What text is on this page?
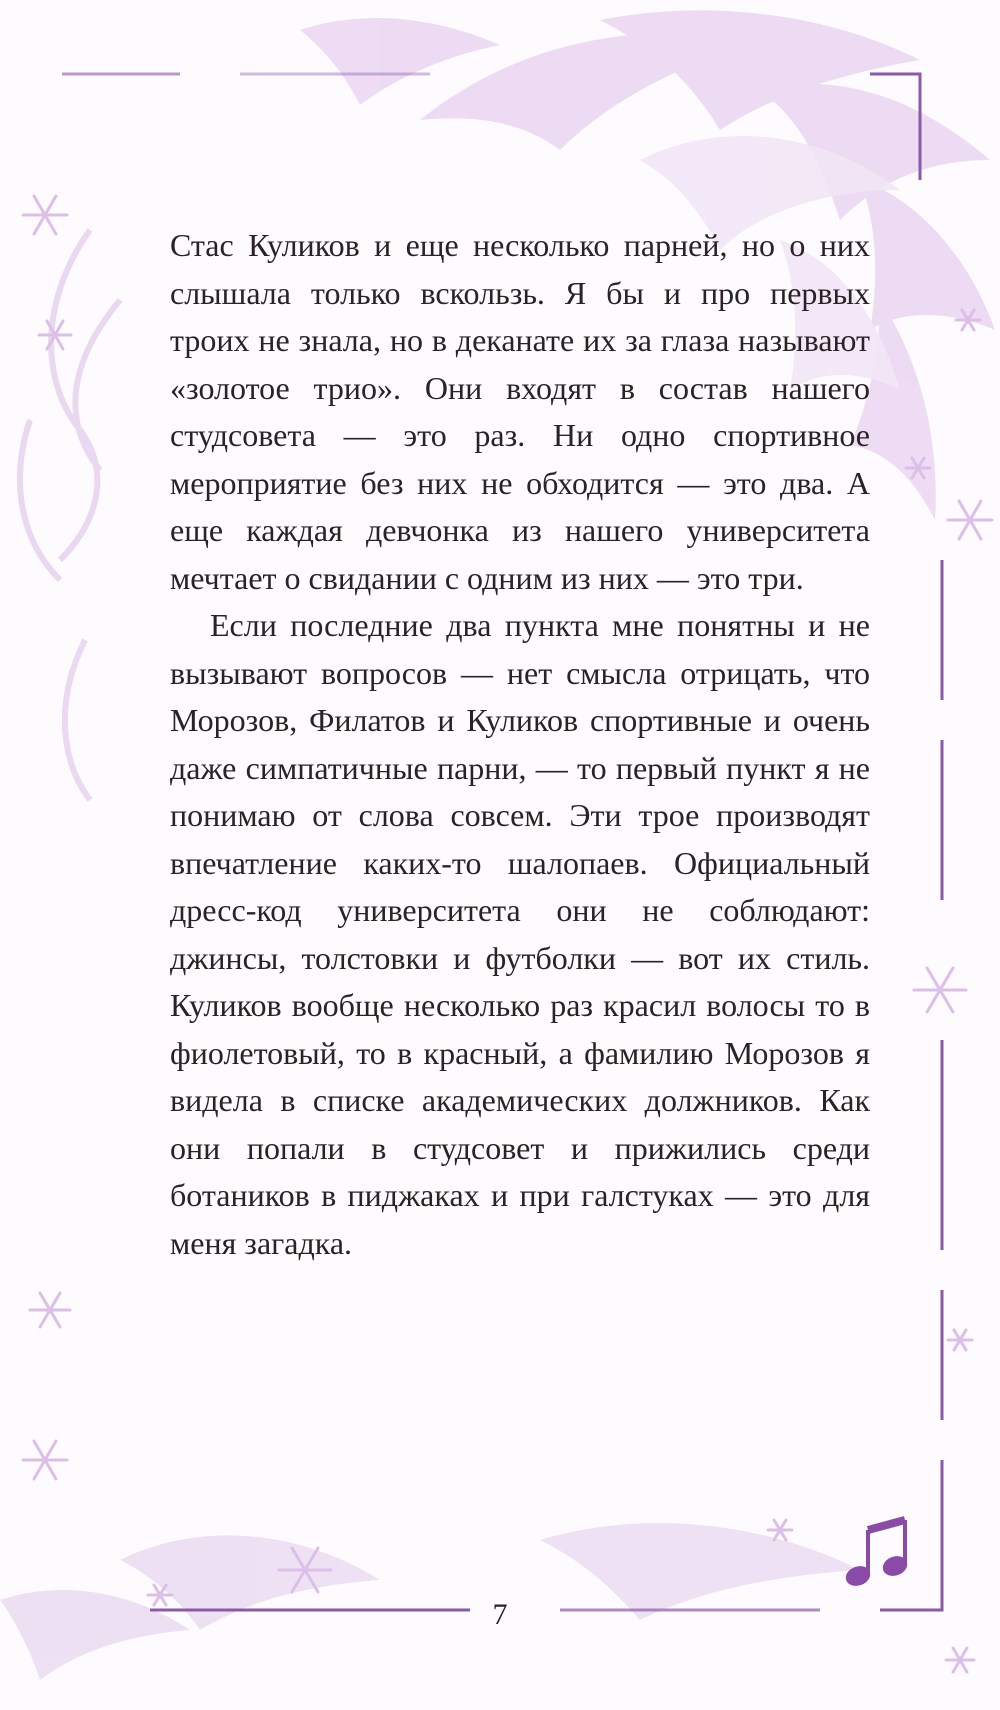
Стас Куликов и еще несколько парней, но о них слышала только вскользь. Я бы и про первых троих не знала, но в деканате их за глаза называют «золотое трио». Они входят в состав нашего студсовета — это раз. Ни одно спортивное мероприятие без них не обходится — это два. А еще каждая девчонка из нашего университета мечтает о свидании с одним из них — это три.

Если последние два пункта мне понятны и не вызывают вопросов — нет смысла отрицать, что Морозов, Филатов и Куликов спортивные и очень даже симпатичные парни, — то первый пункт я не понимаю от слова совсем. Эти трое производят впечатление каких-то шалопаев. Официальный дресс-код университета они не соблюдают: джинсы, толстовки и футболки — вот их стиль. Куликов вообще несколько раз красил волосы то в фиолетовый, то в красный, а фамилию Морозов я видела в списке академических должников. Как они попали в студсовет и прижились среди ботаников в пиджаках и при галстуках — это для меня загадка.

7
